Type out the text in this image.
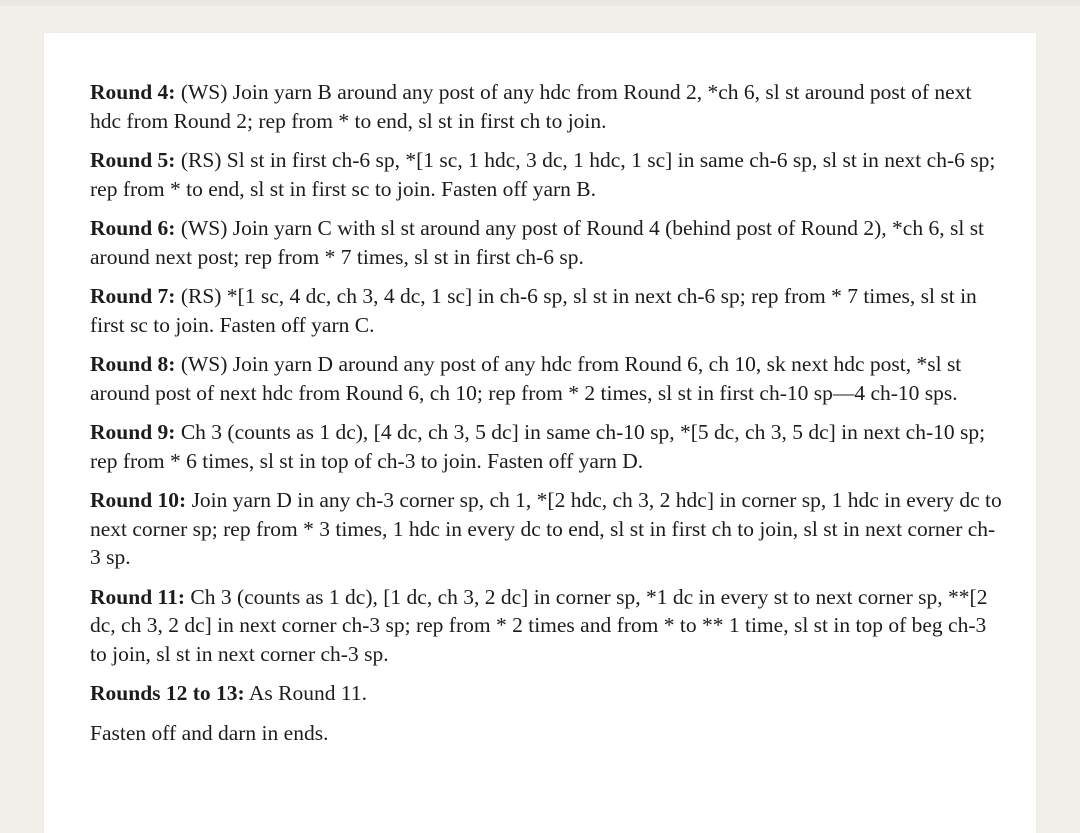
Round 4: (WS) Join yarn B around any post of any hdc from Round 2, *ch 6, sl st around post of next hdc from Round 2; rep from * to end, sl st in first ch to join.

Round 5: (RS) Sl st in first ch-6 sp, *[1 sc, 1 hdc, 3 dc, 1 hdc, 1 sc] in same ch-6 sp, sl st in next ch-6 sp; rep from * to end, sl st in first sc to join. Fasten off yarn B.

Round 6: (WS) Join yarn C with sl st around any post of Round 4 (behind post of Round 2), *ch 6, sl st around next post; rep from * 7 times, sl st in first ch-6 sp.

Round 7: (RS) *[1 sc, 4 dc, ch 3, 4 dc, 1 sc] in ch-6 sp, sl st in next ch-6 sp; rep from * 7 times, sl st in first sc to join. Fasten off yarn C.

Round 8: (WS) Join yarn D around any post of any hdc from Round 6, ch 10, sk next hdc post, *sl st around post of next hdc from Round 6, ch 10; rep from * 2 times, sl st in first ch-10 sp—4 ch-10 sps.

Round 9: Ch 3 (counts as 1 dc), [4 dc, ch 3, 5 dc] in same ch-10 sp, *[5 dc, ch 3, 5 dc] in next ch-10 sp; rep from * 6 times, sl st in top of ch-3 to join. Fasten off yarn D.

Round 10: Join yarn D in any ch-3 corner sp, ch 1, *[2 hdc, ch 3, 2 hdc] in corner sp, 1 hdc in every dc to next corner sp; rep from * 3 times, 1 hdc in every dc to end, sl st in first ch to join, sl st in next corner ch-3 sp.

Round 11: Ch 3 (counts as 1 dc), [1 dc, ch 3, 2 dc] in corner sp, *1 dc in every st to next corner sp, **[2 dc, ch 3, 2 dc] in next corner ch-3 sp; rep from * 2 times and from * to ** 1 time, sl st in top of beg ch-3 to join, sl st in next corner ch-3 sp.

Rounds 12 to 13: As Round 11.

Fasten off and darn in ends.
